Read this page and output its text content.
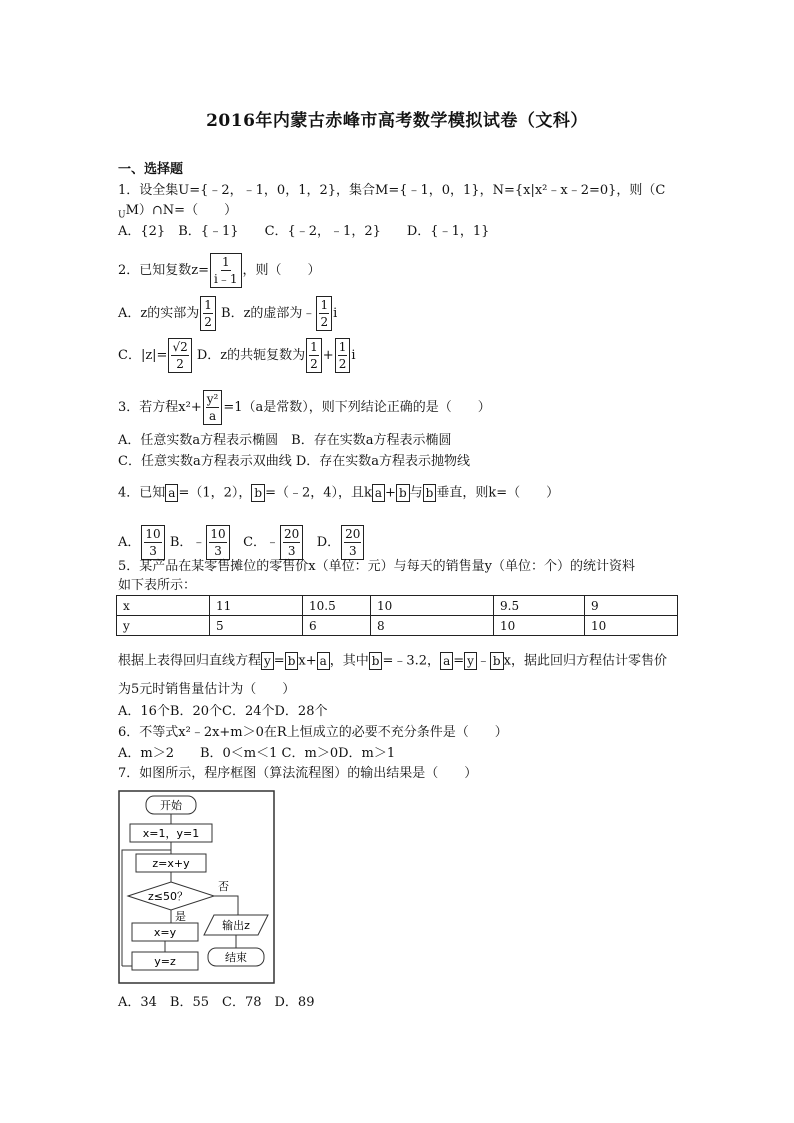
2016年内蒙古赤峰市高考数学模拟试卷（文科）
一、选择题
1．设全集U={﹣2，﹣1，0，1，2}，集合M={﹣1，0，1}，N={x|x²﹣x﹣2=0}，则（C
$_U$M）∩N=（　　）
A．{2}　B．{﹣1}　　C．{﹣2，﹣1，2}　　D．{﹣1，1}
2．已知复数$z= \frac{1}{i﹣1}$ ，则（　　）
A．z的实部为 $\frac{1}{2}$ B．z的虚部为﹣ $\frac{1}{2}$ i
C．$|z|= \frac{√2}{2}$ D．z的共轭复数为 $\frac{1}{2} + \frac{1}{2}$ i
3．若方程$x^2+ \frac{\text{y²}}{a} =1(a$是常数），则下列结论正确的是（　　）
A．任意实数a方程表示椭圆　B．存在实数a方程表示椭圆
C．任意实数a方程表示双曲线 D．存在实数a方程表示抛物线
4．已知 a =（1，2）， b =（﹣2，4），且k a + b 与 b 垂直，则k=（　　）
A． $\frac{10}{3}$ B．﹣ $\frac{10}{3}$ C．﹣ $\frac{20}{3}$ D． $\frac{20}{3}$
5．某产品在某零售摊位的零售价x（单位：元）与每天的销售量y（单位：个）的统计资料
如下表所示：
x	11	10.5	10	9.5	9
y	5	6	8	10	10
根据上表得回归直线方程 y = b x+ a ，其中 b =﹣3.2， a = y ﹣ b x，据此回归方程估计零售价
为5元时销售量估计为（　　）
A．16个B．20个C．24个D．28个
6．不等式x²﹣2x+m＞0在R上恒成立的必要不充分条件是（　　）
A．m＞2　　B．0＜m＜1 C．m＞0D．m＞1
7．如图所示，程序框图（算法流程图）的输出结果是（　　）
开始
x=1，y=1
z=x+y
z≤50？
否
是
x=y
y=z
输出z
结束
A．34　B．55　C．78　D．89
